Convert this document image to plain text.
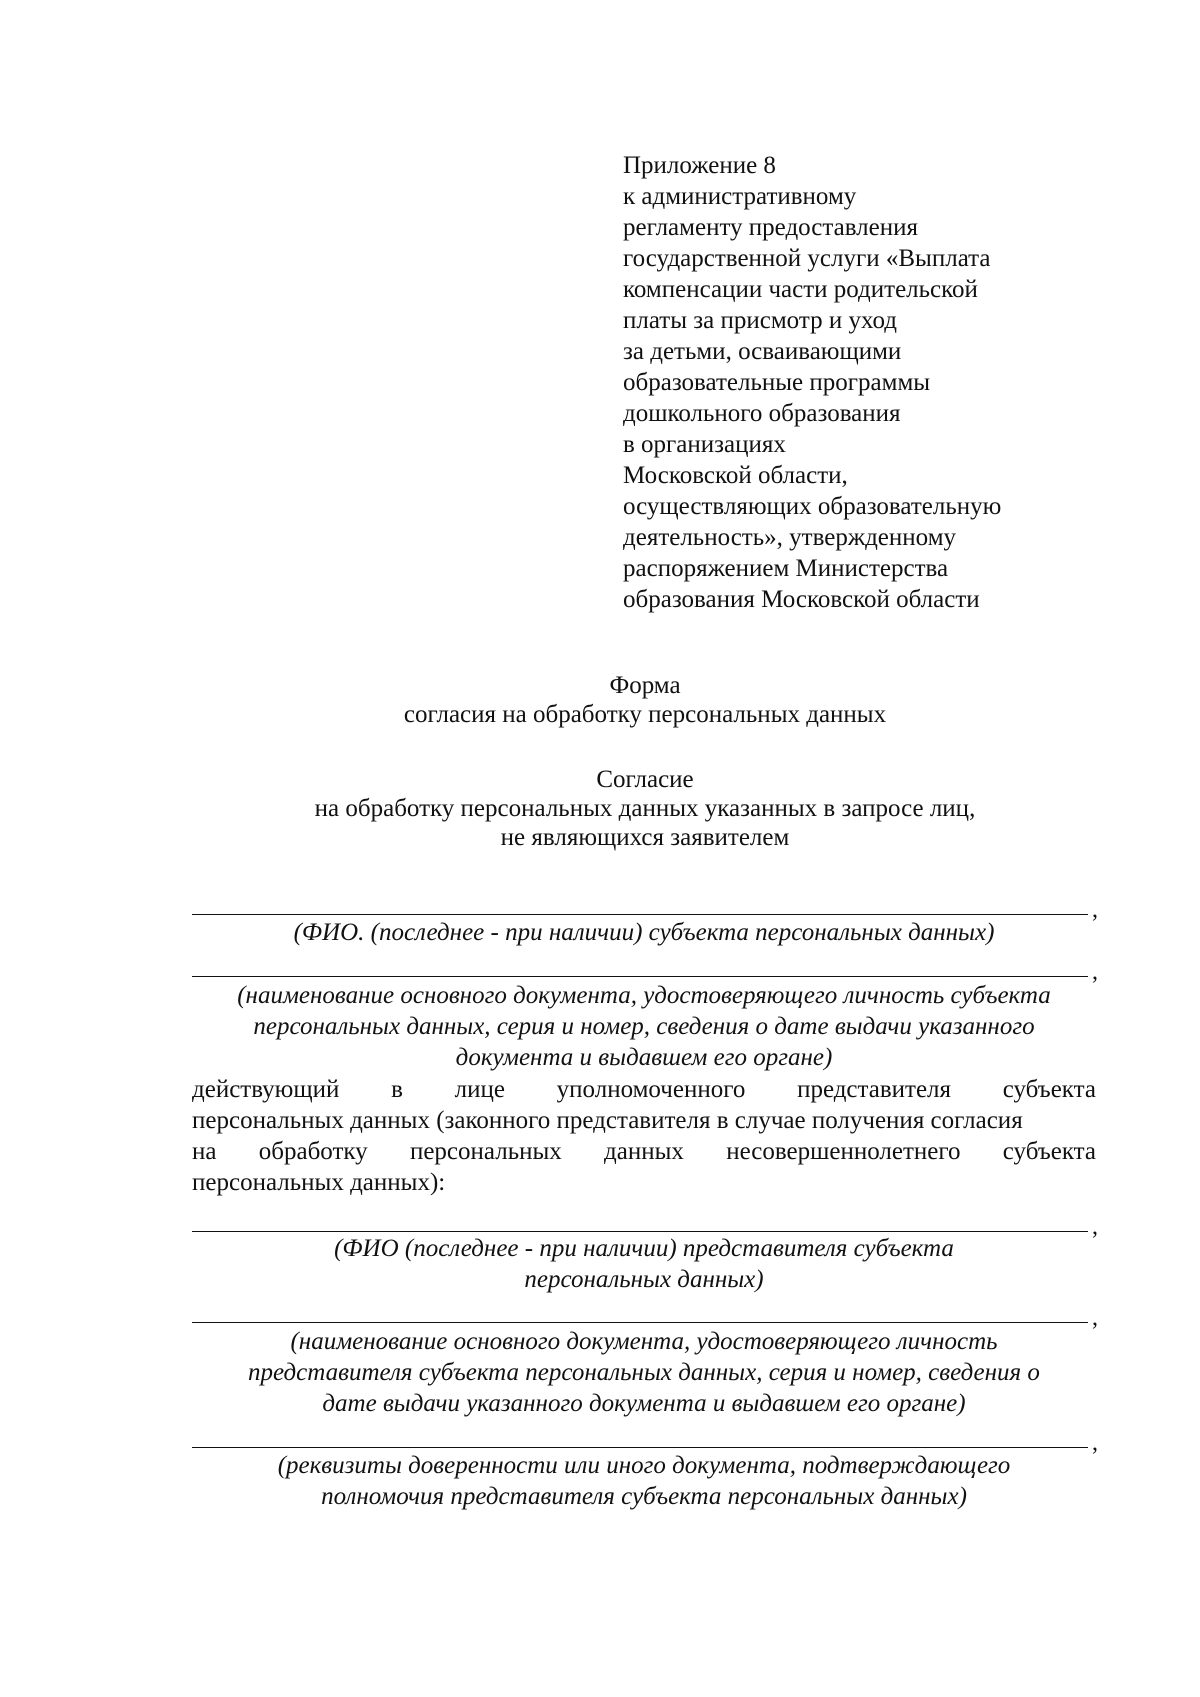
Приложение 8
к административному
регламенту предоставления
государственной услуги «Выплата
компенсации части родительской
платы за присмотр и уход
за детьми, осваивающими
образовательные программы
дошкольного образования
в организациях
Московской области,
осуществляющих образовательную
деятельность», утвержденному
распоряжением Министерства
образования Московской области
Форма
согласия на обработку персональных данных
Согласие
на обработку персональных данных указанных в запросе лиц,
не являющихся заявителем
,
(ФИО. (последнее - при наличии) субъекта персональных данных)
,
(наименование основного документа, удостоверяющего личность субъекта
персональных данных, серия и номер, сведения о дате выдачи указанного
документа и выдавшем его органе)
действующий в лице уполномоченного представителя субъекта
персональных данных (законного представителя в случае получения согласия
на обработку персональных данных несовершеннолетнего субъекта
персональных данных):
,
(ФИО (последнее - при наличии) представителя субъекта
персональных данных)
,
(наименование основного документа, удостоверяющего личность
представителя субъекта персональных данных, серия и номер, сведения о
дате выдачи указанного документа и выдавшем его органе)
,
(реквизиты доверенности или иного документа, подтверждающего
полномочия представителя субъекта персональных данных)
